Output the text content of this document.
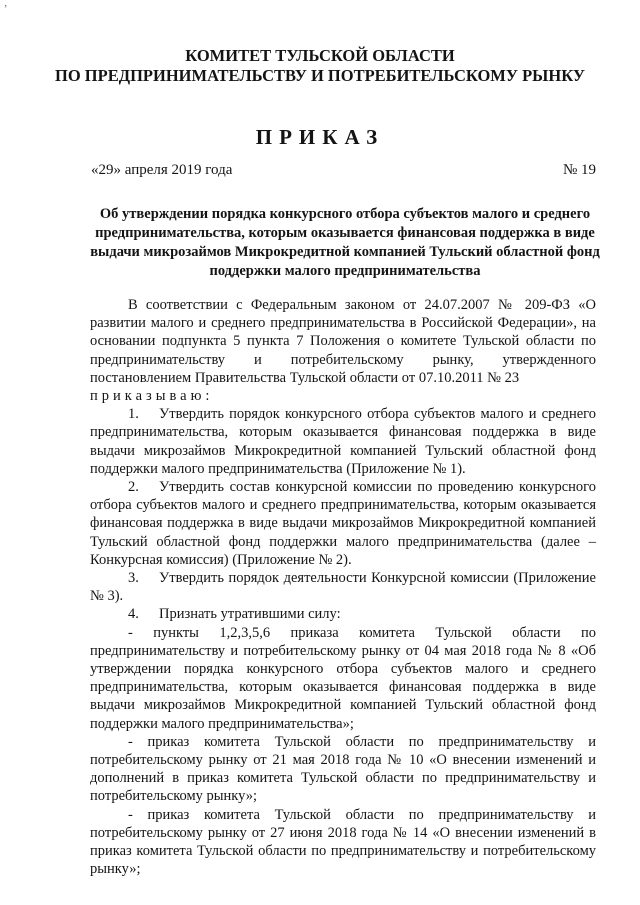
’
КОМИТЕТ ТУЛЬСКОЙ ОБЛАСТИ
ПО ПРЕДПРИНИМАТЕЛЬСТВУ И ПОТРЕБИТЕЛЬСКОМУ РЫНКУ
ПРИКАЗ
«29» апреля 2019 года	№ 19
Об утверждении порядка конкурсного отбора субъектов малого и среднего предпринимательства, которым оказывается финансовая поддержка в виде выдачи микрозаймов Микрокредитной компанией Тульский областной фонд поддержки малого предпринимательства

В соответствии с Федеральным законом от 24.07.2007 № 209-ФЗ «О развитии малого и среднего предпринимательства в Российской Федерации», на основании подпункта 5 пункта 7 Положения о комитете Тульской области по предпринимательству и потребительскому рынку, утвержденного постановлением Правительства Тульской области от 07.10.2011 № 23

приказываю:

1. Утвердить порядок конкурсного отбора субъектов малого и среднего предпринимательства, которым оказывается финансовая поддержка в виде выдачи микрозаймов Микрокредитной компанией Тульский областной фонд поддержки малого предпринимательства (Приложение № 1).

2. Утвердить состав конкурсной комиссии по проведению конкурсного отбора субъектов малого и среднего предпринимательства, которым оказывается финансовая поддержка в виде выдачи микрозаймов Микрокредитной компанией Тульский областной фонд поддержки малого предпринимательства (далее – Конкурсная комиссия) (Приложение № 2).

3. Утвердить порядок деятельности Конкурсной комиссии (Приложение № 3).

4. Признать утратившими силу:

- пункты 1,2,3,5,6 приказа комитета Тульской области по предпринимательству и потребительскому рынку от 04 мая 2018 года № 8 «Об утверждении порядка конкурсного отбора субъектов малого и среднего предпринимательства, которым оказывается финансовая поддержка в виде выдачи микрозаймов Микрокредитной компанией Тульский областной фонд поддержки малого предпринимательства»;

- приказ комитета Тульской области по предпринимательству и потребительскому рынку от 21 мая 2018 года № 10 «О внесении изменений и дополнений в приказ комитета Тульской области по предпринимательству и потребительскому рынку»;

- приказ комитета Тульской области по предпринимательству и потребительскому рынку от 27 июня 2018 года № 14 «О внесении изменений в приказ комитета Тульской области по предпринимательству и потребительскому рынку»;
